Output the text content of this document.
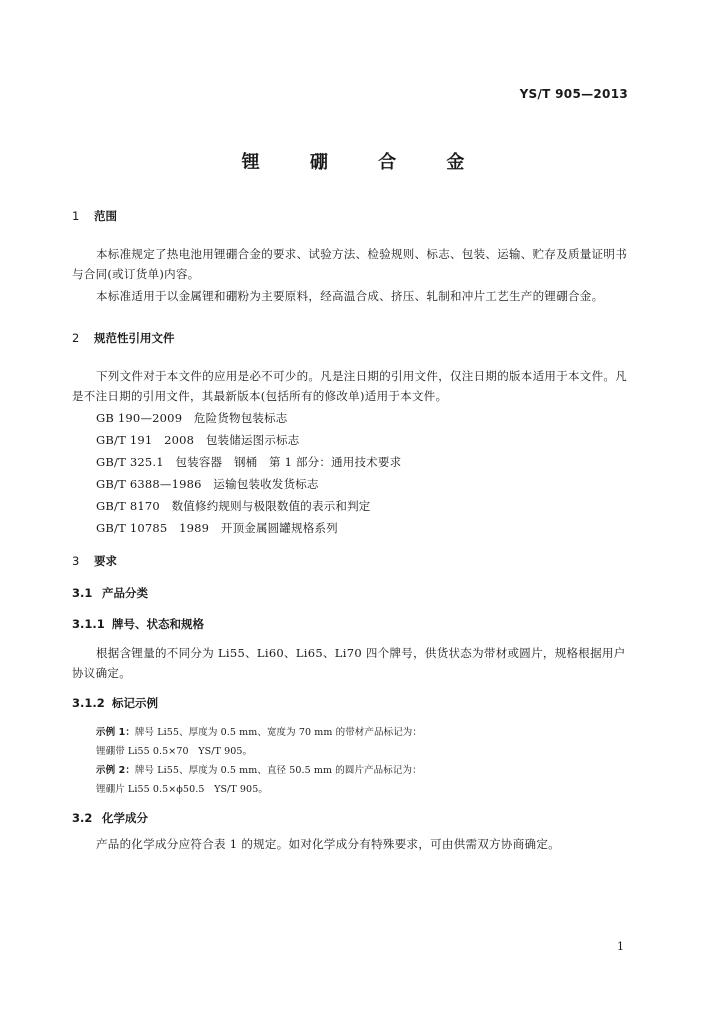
YS/T 905—2013
锂 硼 合 金
1 范围
本标准规定了热电池用锂硼合金的要求、试验方法、检验规则、标志、包装、运输、贮存及质量证明书与合同(或订货单)内容。
本标准适用于以金属锂和硼粉为主要原料，经高温合成、挤压、轧制和冲片工艺生产的锂硼合金。
2 规范性引用文件
下列文件对于本文件的应用是必不可少的。凡是注日期的引用文件，仅注日期的版本适用于本文件。凡是不注日期的引用文件，其最新版本(包括所有的修改单)适用于本文件。
GB 190—2009　危险货物包装标志
GB/T 191　2008　包装储运图示标志
GB/T 325.1　包装容器　钢桶　第 1 部分：通用技术要求
GB/T 6388—1986　运输包装收发货标志
GB/T 8170　数值修约规则与极限数值的表示和判定
GB/T 10785　1989　开顶金属圆罐规格系列
3 要求
3.1 产品分类
3.1.1 牌号、状态和规格
根据含锂量的不同分为 Li55、Li60、Li65、Li70 四个牌号，供货状态为带材或圆片，规格根据用户协议确定。
3.1.2 标记示例
示例 1：牌号 Li55、厚度为 0.5 mm、宽度为 70 mm 的带材产品标记为：
锂硼带 Li55 0.5×70　YS/T 905。
示例 2：牌号 Li55、厚度为 0.5 mm、直径 50.5 mm 的圆片产品标记为：
锂硼片 Li55 0.5×ϕ50.5　YS/T 905。
3.2 化学成分
产品的化学成分应符合表 1 的规定。如对化学成分有特殊要求，可由供需双方协商确定。
1
